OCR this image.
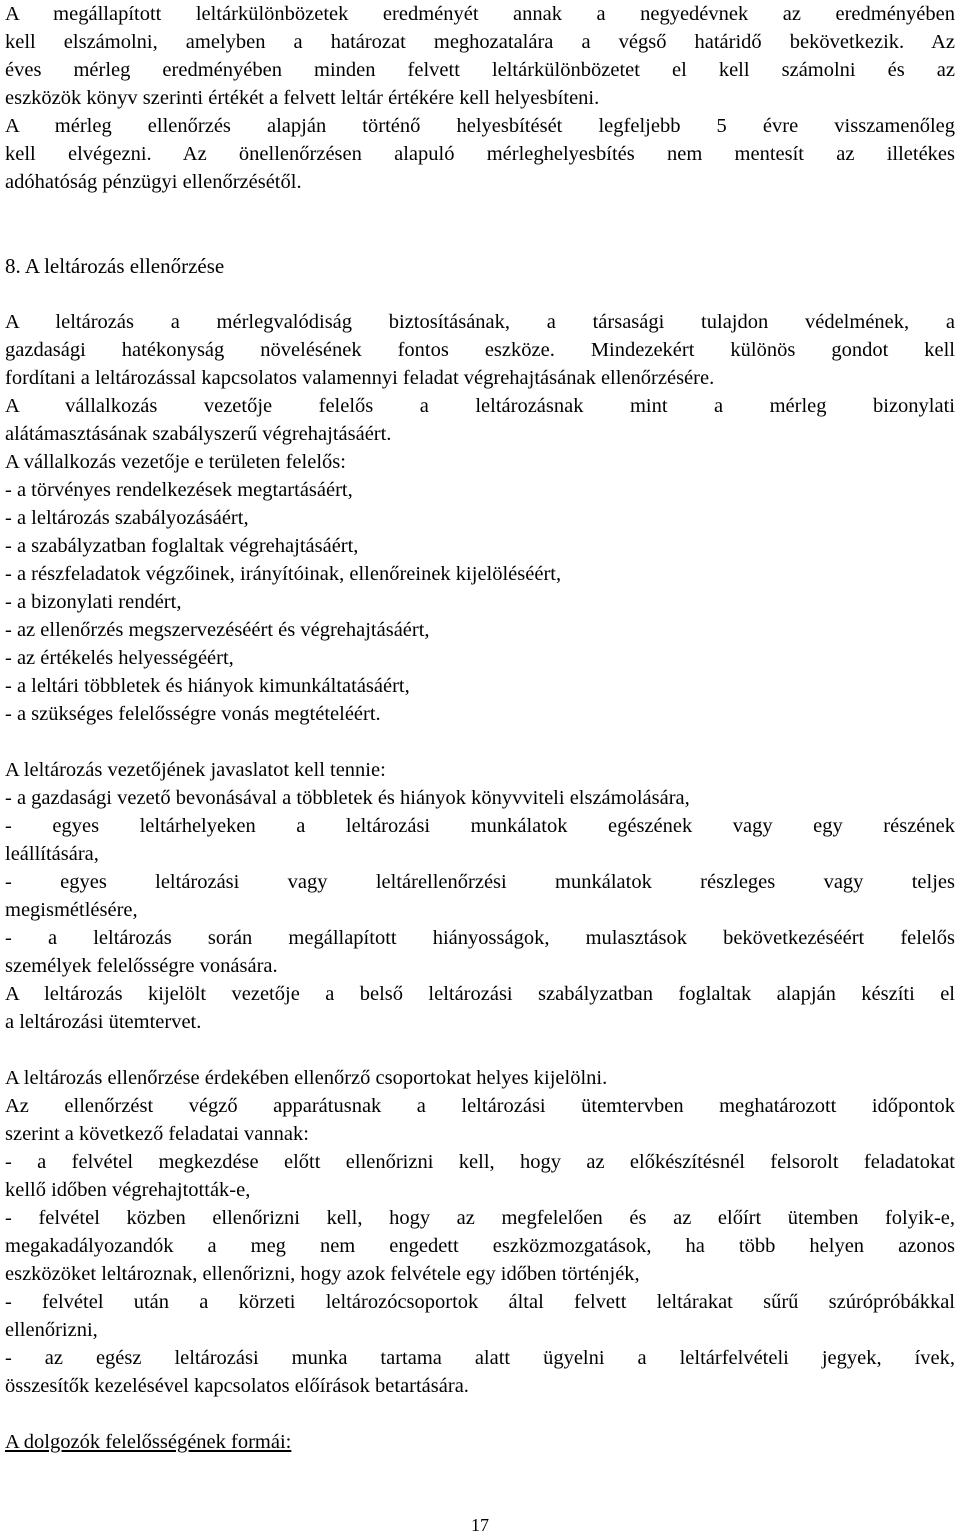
A megállapított leltárkülönbözetek eredményét annak a negyedévnek az eredményében
kell elszámolni, amelyben a határozat meghozatalára a végső határidő bekövetkezik. Az
éves mérleg eredményében minden felvett leltárkülönbözetet el kell számolni és az
eszközök könyv szerinti értékét a felvett leltár értékére kell helyesbíteni.
A mérleg ellenőrzés alapján történő helyesbítését legfeljebb 5 évre visszamenőleg
kell elvégezni. Az önellenőrzésen alapuló mérleghelyesbítés nem mentesít az illetékes
adóhatóság pénzügyi ellenőrzésétől.

8. A leltározás ellenőrzése

A leltározás a mérlegvalódiság biztosításának, a társasági tulajdon védelmének, a
gazdasági hatékonyság növelésének fontos eszköze. Mindezekért különös gondot kell
fordítani a leltározással kapcsolatos valamennyi feladat végrehajtásának ellenőrzésére.
A vállalkozás vezetője felelős a leltározásnak mint a mérleg bizonylati
alátámasztásának szabályszerű végrehajtásáért.
A vállalkozás vezetője e területen felelős:
- a törvényes rendelkezések megtartásáért,
- a leltározás szabályozásáért,
- a szabályzatban foglaltak végrehajtásáért,
- a részfeladatok végzőinek, irányítóinak, ellenőreinek kijelöléséért,
- a bizonylati rendért,
- az ellenőrzés megszervezéséért és végrehajtásáért,
- az értékelés helyességéért,
- a leltári többletek és hiányok kimunkáltatásáért,
- a szükséges felelősségre vonás megtételéért.

A leltározás vezetőjének javaslatot kell tennie:
- a gazdasági vezető bevonásával a többletek és hiányok könyvviteli elszámolására,
- egyes leltárhelyeken a leltározási munkálatok egészének vagy egy részének
leállítására,
- egyes leltározási vagy leltárellenőrzési munkálatok részleges vagy teljes
megismétlésére,
- a leltározás során megállapított hiányosságok, mulasztások bekövetkezéséért felelős
személyek felelősségre vonására.
A leltározás kijelölt vezetője a belső leltározási szabályzatban foglaltak alapján készíti el
a leltározási ütemtervet.

A leltározás ellenőrzése érdekében ellenőrző csoportokat helyes kijelölni.
Az ellenőrzést végző apparátusnak a leltározási ütemtervben meghatározott időpontok
szerint a következő feladatai vannak:
- a felvétel megkezdése előtt ellenőrizni kell, hogy az előkészítésnél felsorolt feladatokat
kellő időben végrehajtották-e,
- felvétel közben ellenőrizni kell, hogy az megfelelően és az előírt ütemben folyik-e,
megakadályozandók a meg nem engedett eszközmozgatások, ha több helyen azonos
eszközöket leltároznak, ellenőrizni, hogy azok felvétele egy időben történjék,
- felvétel után a körzeti leltározócsoportok által felvett leltárakat sűrű szúrópróbákkal
ellenőrizni,
- az egész leltározási munka tartama alatt ügyelni a leltárfelvételi jegyek, ívek,
összesítők kezelésével kapcsolatos előírások betartására.

A dolgozók felelősségének formái:

17
